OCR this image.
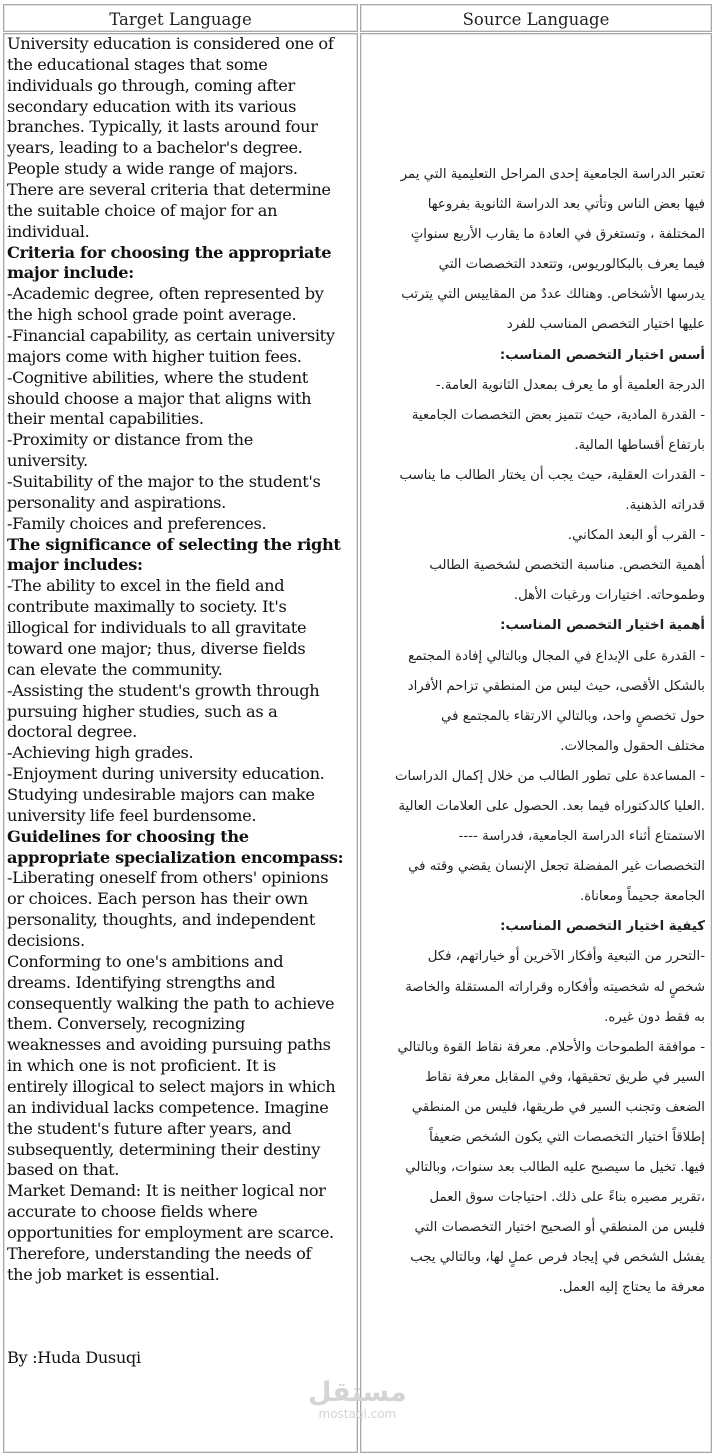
Target Language	Source Language
University education is considered one of
the educational stages that some
individuals go through, coming after
secondary education with its various
branches. Typically, it lasts around four
years, leading to a bachelor's degree.
People study a wide range of majors.
There are several criteria that determine
the suitable choice of major for an
individual.
Criteria for choosing the appropriate
major include:
-Academic degree, often represented by
the high school grade point average.
-Financial capability, as certain university
majors come with higher tuition fees.
-Cognitive abilities, where the student
should choose a major that aligns with
their mental capabilities.
-Proximity or distance from the
university.
-Suitability of the major to the student's
personality and aspirations.
-Family choices and preferences.
The significance of selecting the right
major includes:
-The ability to excel in the field and
contribute maximally to society. It's
illogical for individuals to all gravitate
toward one major; thus, diverse fields
can elevate the community.
-Assisting the student's growth through
pursuing higher studies, such as a
doctoral degree.
-Achieving high grades.
-Enjoyment during university education.
Studying undesirable majors can make
university life feel burdensome.
Guidelines for choosing the
appropriate specialization encompass:
-Liberating oneself from others' opinions
or choices. Each person has their own
personality, thoughts, and independent
decisions.
Conforming to one's ambitions and
dreams. Identifying strengths and
consequently walking the path to achieve
them. Conversely, recognizing
weaknesses and avoiding pursuing paths
in which one is not proficient. It is
entirely illogical to select majors in which
an individual lacks competence. Imagine
the student's future after years, and
subsequently, determining their destiny
based on that.
Market Demand: It is neither logical nor
accurate to choose fields where
opportunities for employment are scarce.
Therefore, understanding the needs of
the job market is essential.
By :Huda Dusuqi
تعتبر الدراسة الجامعية إحدى المراحل التعليمية التي يمر
فيها بعض الناس وتأتي بعد الدراسة الثانوية بفروعها
المختلفة ، وتستغرق في العادة ما يقارب الأربع سنواتٍ
فيما يعرف بالبكالوريوس، وتتعدد التخصصات التي
يدرسها الأشخاص. وهنالك عددٌ من المقاييس التي يترتب
عليها اختيار التخصص المناسب للفرد
:أسس اختيار التخصص المناسب
-.الدرجة العلمية أو ما يعرف بمعدل الثانوية العامة
القدرة المادية، حيث تتميز بعض التخصصات الجامعية -
.بارتفاع أقساطها المالية
القدرات العقلية، حيث يجب أن يختار الطالب ما يناسب -
.قدراته الذهنية
.القرب أو البعد المكاني -
أهمية التخصص. مناسبة التخصص لشخصية الطالب
.وطموحاته. اختيارات ورغبات الأهل
:أهمية اختيار التخصص المناسب
القدرة على الإبداع في المجال وبالتالي إفادة المجتمع -
بالشكل الأقصى، حيث ليس من المنطقي تزاحم الأفراد
حول تخصصٍ واحد، وبالتالي الارتقاء بالمجتمع في
.مختلف الحقول والمجالات
المساعدة على تطور الطالب من خلال إكمال الدراسات -
العليا كالدكتوراه فيما بعد. الحصول على العلامات العالية.
---- الاستمتاع أثناء الدراسة الجامعية، فدراسة
التخصصات غير المفضلة تجعل الإنسان يقضي وقته في
.الجامعة جحيماً ومعاناة
:كيفية اختيار التخصص المناسب
التحرر من التبعية وأفكار الآخرين أو خياراتهم، فكل-
شخصٍ له شخصيته وأفكاره وقراراته المستقلة والخاصة
.به فقط دون غيره
موافقة الطموحات والأحلام. معرفة نقاط القوة وبالتالي -
السير في طريق تحقيقها، وفي المقابل معرفة نقاط
الضعف وتجنب السير في طريقها، فليس من المنطقي
إطلاقاً اختيار التخصصات التي يكون الشخص ضعيفاً
فيها. تخيل ما سيصبح عليه الطالب بعد سنوات، وبالتالي
تقرير مصيره بناءً على ذلك. احتياجات سوق العمل،
فليس من المنطقي أو الصحيح اختيار التخصصات التي
يفشل الشخص في إيجاد فرص عملٍ لها، وبالتالي يجب
.معرفة ما يحتاج إليه العمل
مستقل
mostaql.com
